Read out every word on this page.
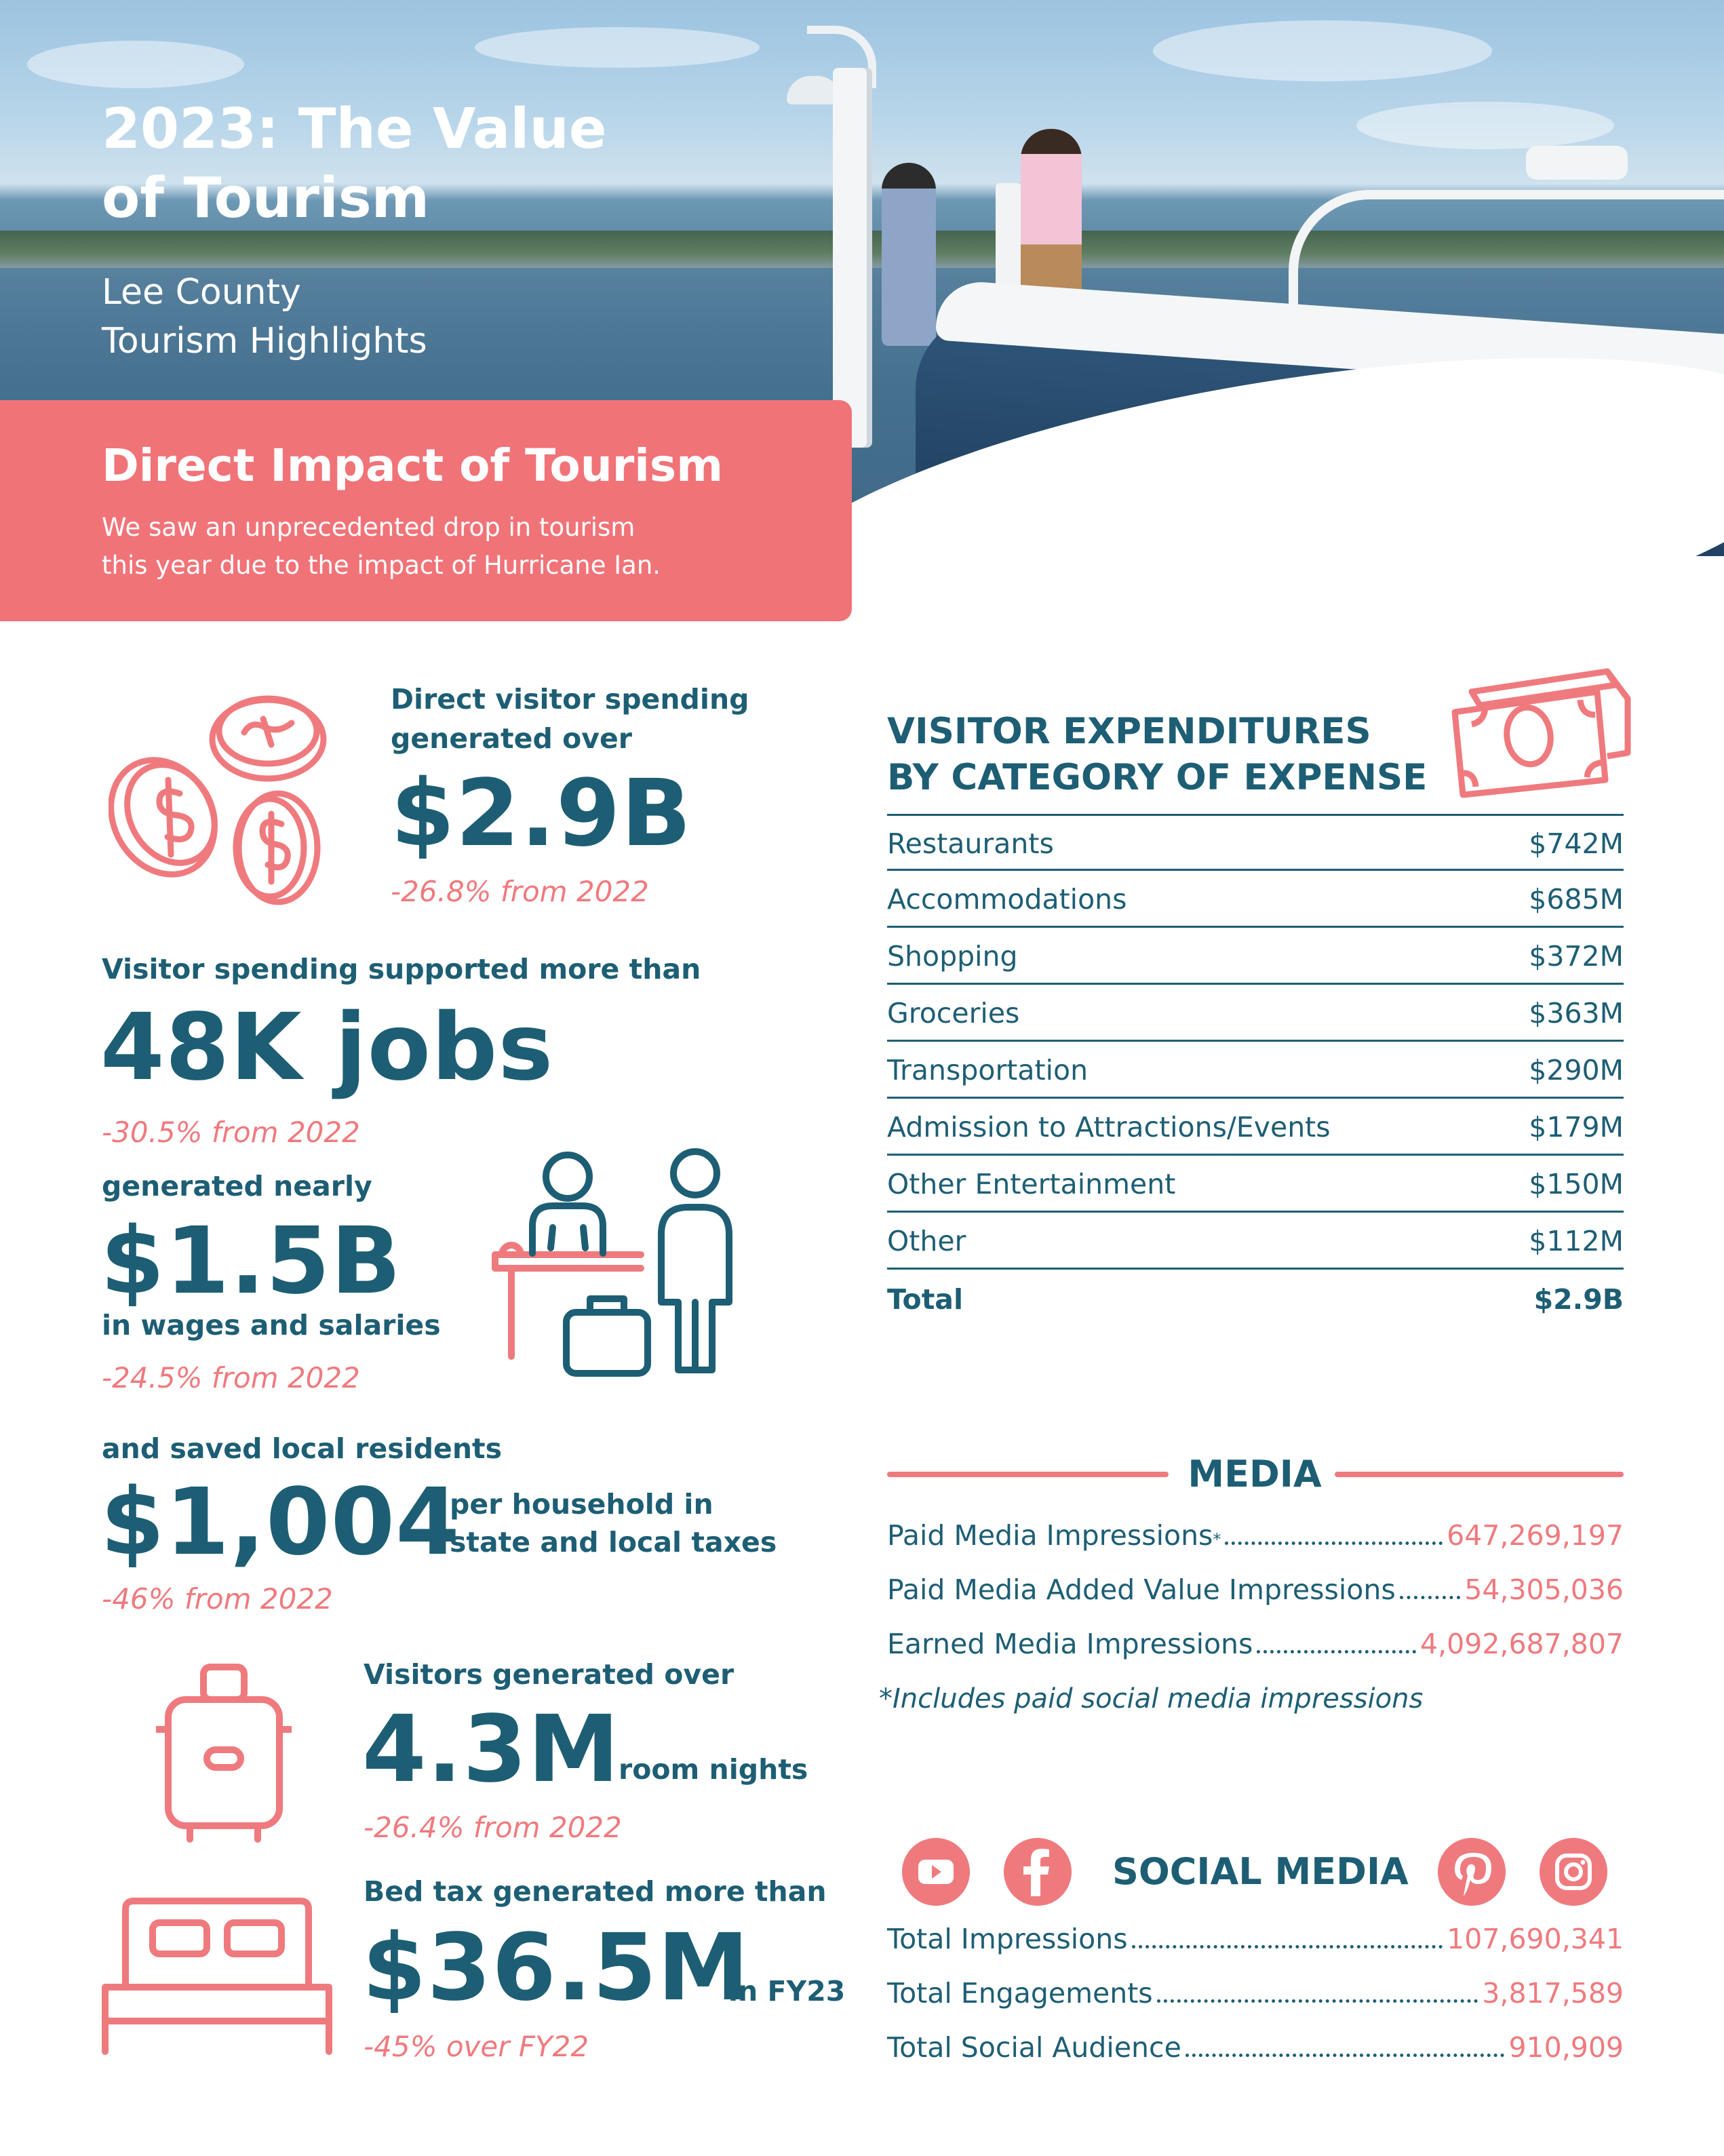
2023: The Value
of Tourism
Lee County
Tourism Highlights
Direct Impact of Tourism
We saw an unprecedented drop in tourism
this year due to the impact of Hurricane Ian.
Direct visitor spending
generated over
$2.9B
-26.8% from 2022
Visitor spending supported more than
48K jobs
-30.5% from 2022
generated nearly
$1.5B
in wages and salaries
-24.5% from 2022
and saved local residents
$1,004
per household in
state and local taxes
-46% from 2022
Visitors generated over
4.3M
room nights
-26.4% from 2022
Bed tax generated more than
$36.5M
in FY23
-45% over FY22
VISITOR EXPENDITURES
BY CATEGORY OF EXPENSE
Restaurants	$742M
Accommodations	$685M
Shopping	$372M
Groceries	$363M
Transportation	$290M
Admission to Attractions/Events	$179M
Other Entertainment	$150M
Other	$112M
Total	$2.9B
MEDIA
Paid Media Impressions *	647,269,197
Paid Media Added Value Impressions 54,305,036
Earned Media Impressions	4,092,687,807
*Includes paid social media impressions
SOCIAL MEDIA
Total Impressions	107,690,341
Total Engagements	3,817,589
Total Social Audience	910,909
